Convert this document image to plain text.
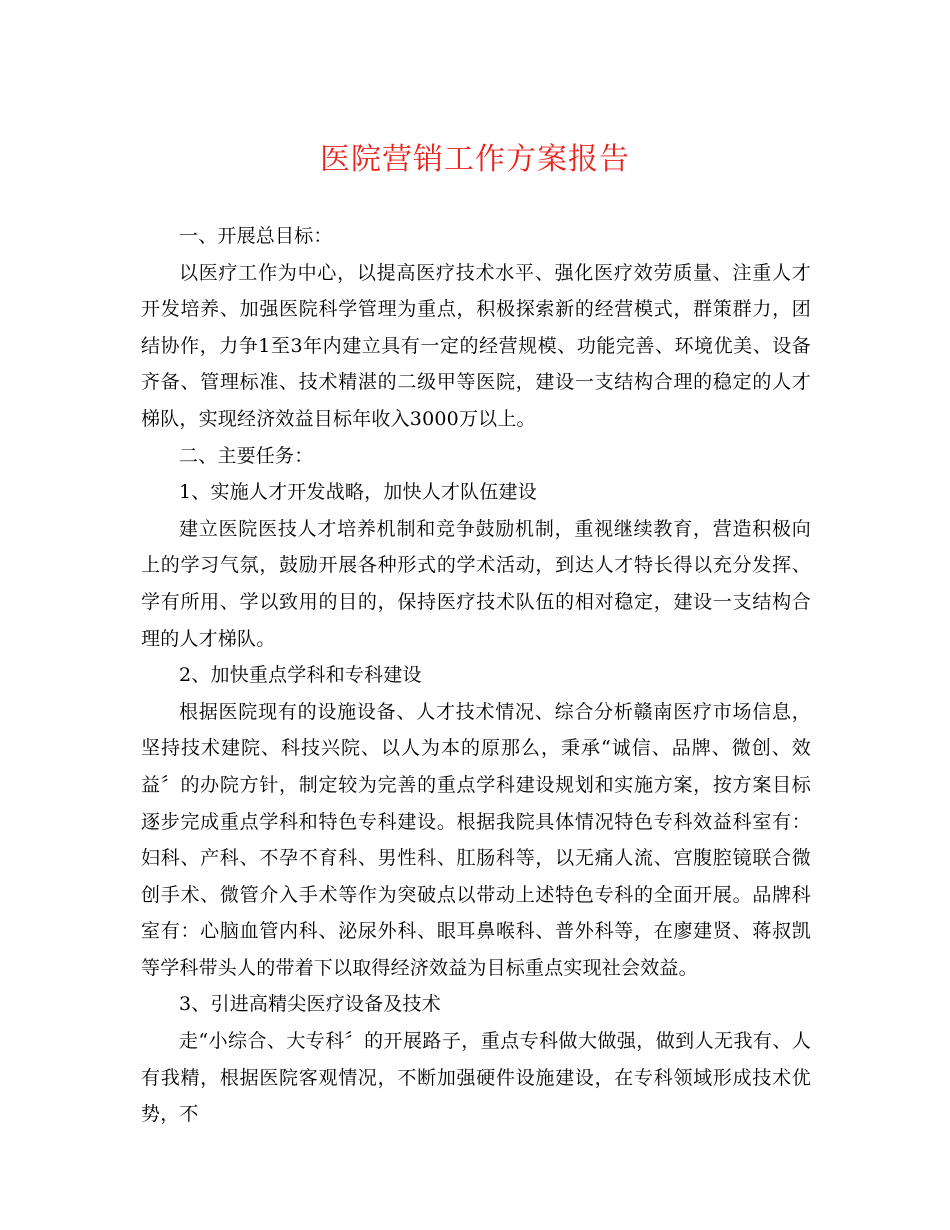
医院营销工作方案报告

一、开展总目标：

以医疗工作为中心，以提高医疗技术水平、强化医疗效劳质量、注重人才开发培养、加强医院科学管理为重点，积极探索新的经营模式，群策群力，团结协作，力争1至3年内建立具有一定的经营规模、功能完善、环境优美、设备齐备、管理标准、技术精湛的二级甲等医院，建设一支结构合理的稳定的人才梯队，实现经济效益目标年收入3000万以上。

二、主要任务：

1、实施人才开发战略，加快人才队伍建设

建立医院医技人才培养机制和竞争鼓励机制，重视继续教育，营造积极向上的学习气氛，鼓励开展各种形式的学术活动，到达人才特长得以充分发挥、学有所用、学以致用的目的，保持医疗技术队伍的相对稳定，建设一支结构合理的人才梯队。

2、加快重点学科和专科建设

根据医院现有的设施设备、人才技术情况、综合分析赣南医疗市场信息，坚持技术建院、科技兴院、以人为本的原那么，秉承“诚信、品牌、微创、效益〞的办院方针，制定较为完善的重点学科建设规划和实施方案，按方案目标逐步完成重点学科和特色专科建设。根据我院具体情况特色专科效益科室有：妇科、产科、不孕不育科、男性科、肛肠科等，以无痛人流、宫腹腔镜联合微创手术、微管介入手术等作为突破点以带动上述特色专科的全面开展。品牌科室有：心脑血管内科、泌尿外科、眼耳鼻喉科、普外科等，在廖建贤、蒋叔凯等学科带头人的带着下以取得经济效益为目标重点实现社会效益。

3、引进高精尖医疗设备及技术

走“小综合、大专科〞的开展路子，重点专科做大做强，做到人无我有、人有我精，根据医院客观情况，不断加强硬件设施建设，在专科领域形成技术优势，不
